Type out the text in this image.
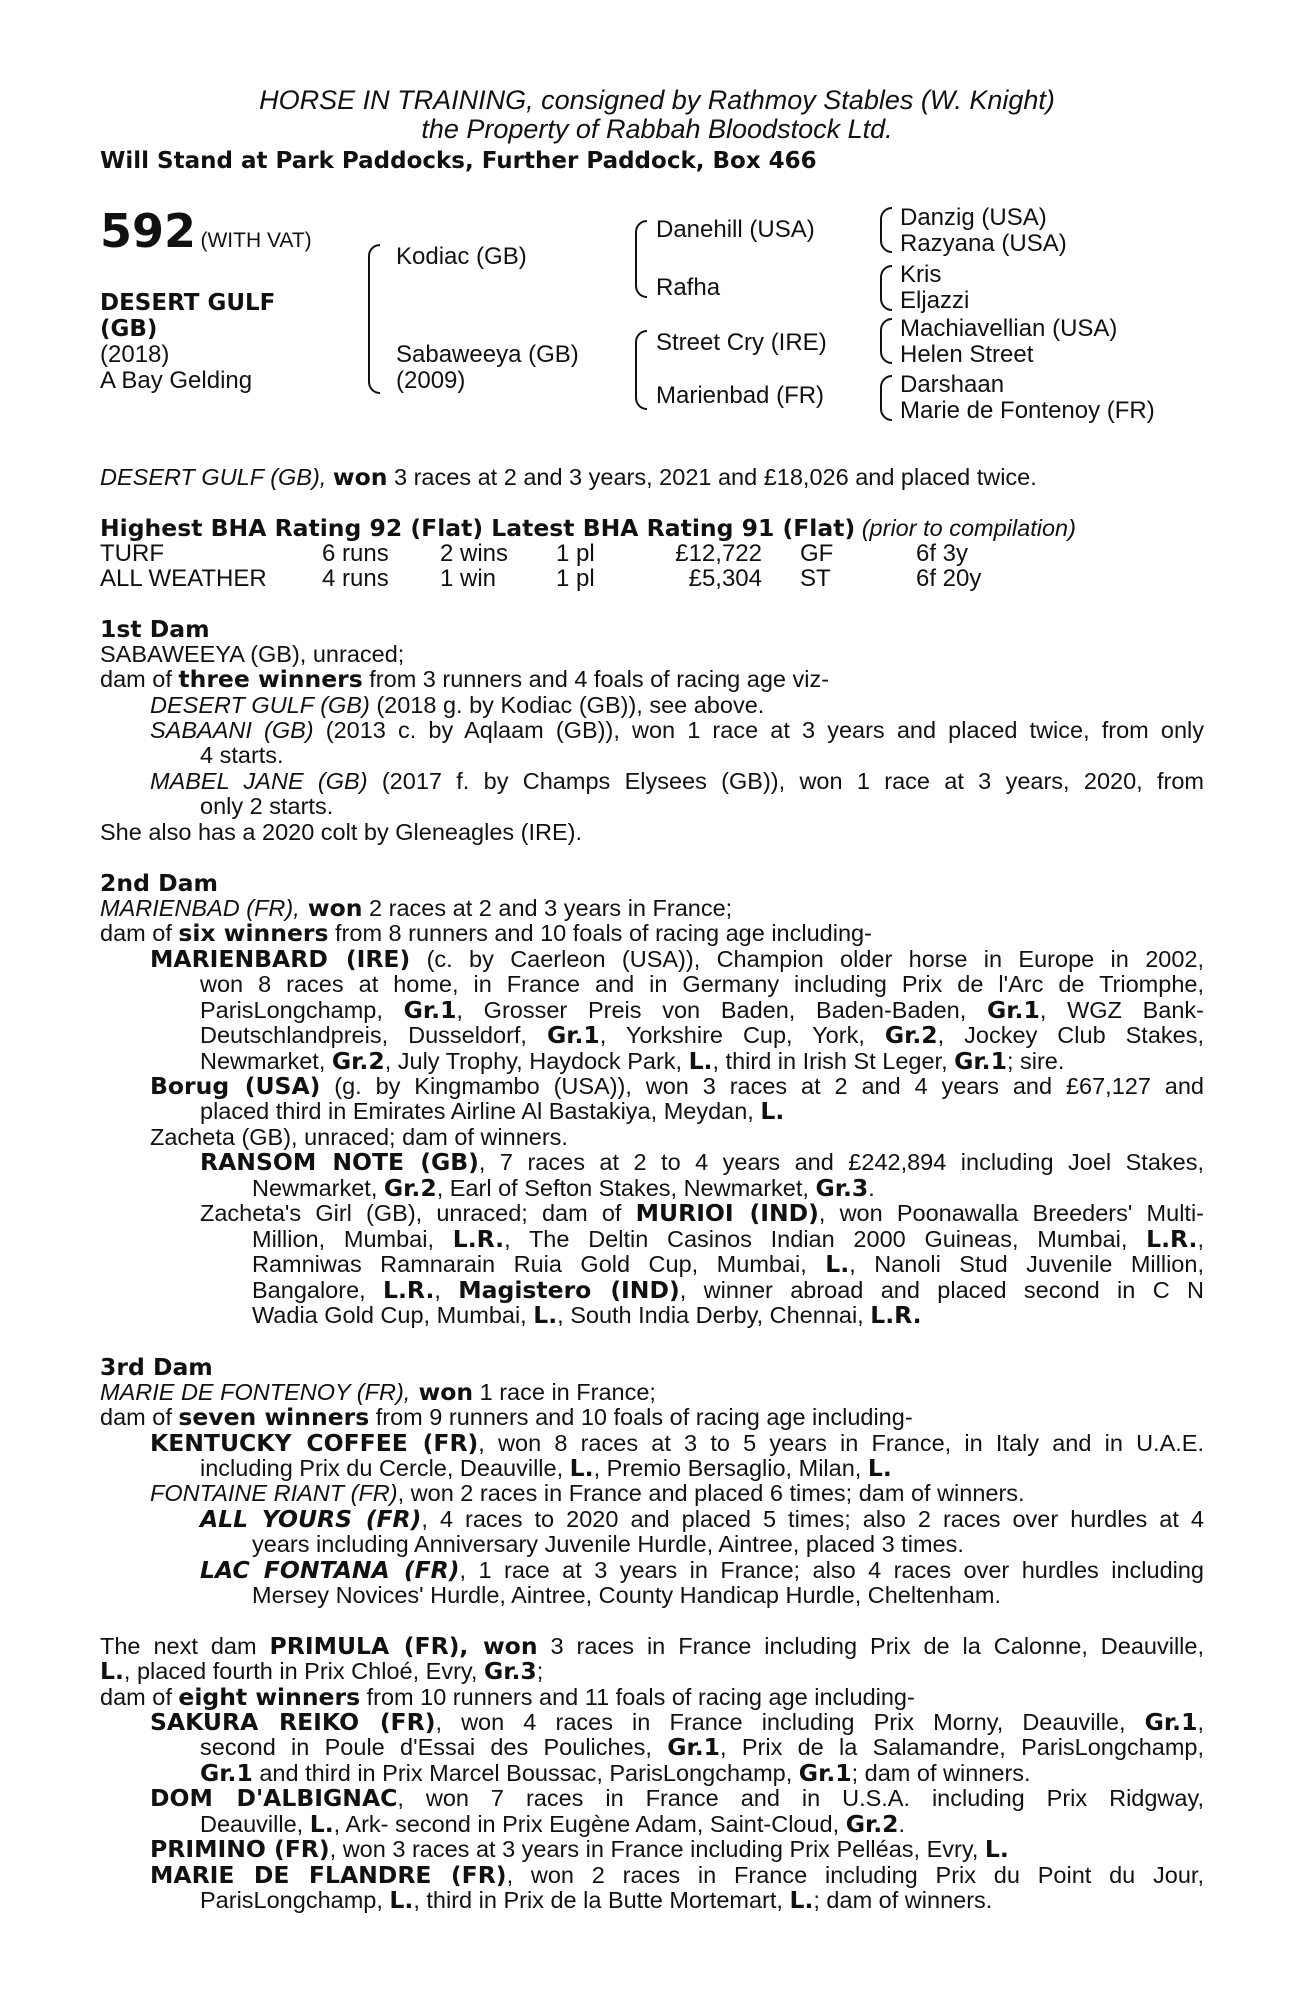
HORSE IN TRAINING, consigned by Rathmoy Stables (W. Knight)
the Property of Rabbah Bloodstock Ltd.
Will Stand at Park Paddocks, Further Paddock, Box 466
592 (WITH VAT)
DESERT GULF
(GB)
(2018)
A Bay Gelding
Kodiac (GB)
Sabaweeya (GB)
(2009)
Danehill (USA)
Rafha
Street Cry (IRE)
Marienbad (FR)
Danzig (USA)
Razyana (USA)
Kris
Eljazzi
Machiavellian (USA)
Helen Street
Darshaan
Marie de Fontenoy (FR)
DESERT GULF (GB), won 3 races at 2 and 3 years, 2021 and £18,026 and placed twice.
Highest BHA Rating 92 (Flat) Latest BHA Rating 91 (Flat) (prior to compilation)
TURF	6 runs 2 wins 1 pl	£12,722 GF	6f 3y
ALL WEATHER 4 runs 1 win 1 pl	£5,304 ST	6f 20y
1st Dam
SABAWEEYA (GB), unraced;
dam of three winners from 3 runners and 4 foals of racing age viz-
DESERT GULF (GB) (2018 g. by Kodiac (GB)), see above.
SABAANI (GB) (2013 c. by Aqlaam (GB)), won 1 race at 3 years and placed twice, from only
4 starts.
MABEL JANE (GB) (2017 f. by Champs Elysees (GB)), won 1 race at 3 years, 2020, from
only 2 starts.
She also has a 2020 colt by Gleneagles (IRE).
2nd Dam
MARIENBAD (FR), won 2 races at 2 and 3 years in France;
dam of six winners from 8 runners and 10 foals of racing age including-
MARIENBARD (IRE) (c. by Caerleon (USA)), Champion older horse in Europe in 2002,
won 8 races at home, in France and in Germany including Prix de l'Arc de Triomphe,
ParisLongchamp, Gr.1, Grosser Preis von Baden, Baden-Baden, Gr.1, WGZ Bank-
Deutschlandpreis, Dusseldorf, Gr.1, Yorkshire Cup, York, Gr.2, Jockey Club Stakes,
Newmarket, Gr.2, July Trophy, Haydock Park, L., third in Irish St Leger, Gr.1; sire.
Borug (USA) (g. by Kingmambo (USA)), won 3 races at 2 and 4 years and £67,127 and
placed third in Emirates Airline Al Bastakiya, Meydan, L.
Zacheta (GB), unraced; dam of winners.
RANSOM NOTE (GB), 7 races at 2 to 4 years and £242,894 including Joel Stakes,
Newmarket, Gr.2, Earl of Sefton Stakes, Newmarket, Gr.3.
Zacheta's Girl (GB), unraced; dam of MURIOI (IND), won Poonawalla Breeders' Multi-
Million, Mumbai, L.R., The Deltin Casinos Indian 2000 Guineas, Mumbai, L.R.,
Ramniwas Ramnarain Ruia Gold Cup, Mumbai, L., Nanoli Stud Juvenile Million,
Bangalore, L.R., Magistero (IND), winner abroad and placed second in C N
Wadia Gold Cup, Mumbai, L., South India Derby, Chennai, L.R.
3rd Dam
MARIE DE FONTENOY (FR), won 1 race in France;
dam of seven winners from 9 runners and 10 foals of racing age including-
KENTUCKY COFFEE (FR), won 8 races at 3 to 5 years in France, in Italy and in U.A.E.
including Prix du Cercle, Deauville, L., Premio Bersaglio, Milan, L.
FONTAINE RIANT (FR), won 2 races in France and placed 6 times; dam of winners.
ALL YOURS (FR), 4 races to 2020 and placed 5 times; also 2 races over hurdles at 4
years including Anniversary Juvenile Hurdle, Aintree, placed 3 times.
LAC FONTANA (FR), 1 race at 3 years in France; also 4 races over hurdles including
Mersey Novices' Hurdle, Aintree, County Handicap Hurdle, Cheltenham.
The next dam PRIMULA (FR), won 3 races in France including Prix de la Calonne, Deauville,
L., placed fourth in Prix Chloé, Evry, Gr.3;
dam of eight winners from 10 runners and 11 foals of racing age including-
SAKURA REIKO (FR), won 4 races in France including Prix Morny, Deauville, Gr.1,
second in Poule d'Essai des Pouliches, Gr.1, Prix de la Salamandre, ParisLongchamp,
Gr.1 and third in Prix Marcel Boussac, ParisLongchamp, Gr.1; dam of winners.
DOM D'ALBIGNAC, won 7 races in France and in U.S.A. including Prix Ridgway,
Deauville, L., Ark- second in Prix Eugène Adam, Saint-Cloud, Gr.2.
PRIMINO (FR), won 3 races at 3 years in France including Prix Pelléas, Evry, L.
MARIE DE FLANDRE (FR), won 2 races in France including Prix du Point du Jour,
ParisLongchamp, L., third in Prix de la Butte Mortemart, L.; dam of winners.
